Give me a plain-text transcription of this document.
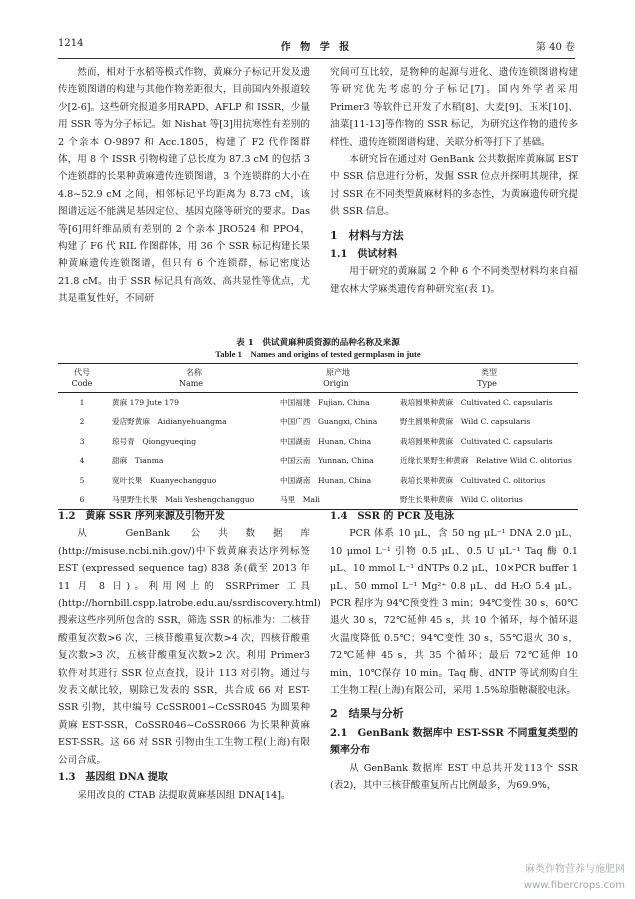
1214	作 物 学 报	第 40 卷

然而，相对于水稻等模式作物，黄麻分子标记开发及遗传连锁图谱的构建与其他作物差距很大，目前国内外报道较少[2-6]。这些研究报道多用RAPD、AFLP 和 ISSR，少量用 SSR 等为分子标记。如 Nishat 等[3]用抗寒性有差别的 2 个亲本 O-9897 和 Acc.1805，构建了 F2 代作图群体，用 8 个 ISSR 引物构建了总长度为 87.3 cM 的包括 3 个连锁群的长果种黄麻遗传连锁图谱，3 个连锁群的大小在 4.8~52.9 cM 之间，相邻标记平均距离为 8.73 cM，该图谱远远不能满足基因定位、基因克隆等研究的要求。Das 等[6]用纤维品质有差别的 2 个亲本 JRO524 和 PPO4，构建了 F6 代 RIL 作图群体，用 36 个 SSR 标记构建长果种黄麻遗传连锁图谱，但只有 6 个连锁群，标记密度达 21.8 cM。由于 SSR 标记具有高效、高共显性等优点，尤其是重复性好，不同研

究间可互比较，是物种的起源与进化、遗传连锁图谱构建等研究优先考虑的分子标记[7]。国内外学者采用 Primer3 等软件已开发了水稻[8]、大麦[9]、玉米[10]、油菜[11-13]等作物的 SSR 标记，为研究这作物的遗传多样性、遗传连锁图谱构建、关联分析等打下了基础。

本研究旨在通过对 GenBank 公共数据库黄麻属 EST 中 SSR 信息进行分析，发掘 SSR 位点并探明其规律，探讨 SSR 在不同类型黄麻材料的多态性，为黄麻遗传研究提供 SSR 信息。

1　材料与方法
1.1　供试材料

用于研究的黄麻属 2 个种 6 个不同类型材料均来自福建农林大学麻类遗传育种研究室(表 1)。

表 1　供试黄麻种质资源的品种名称及来源
Table 1　Names and origins of tested germplasm in jute
代号	名称	原产地	类型
Code	Name	Origin	Type
1	黄麻 179 Jute 179	中国福建　Fujian, China	栽培圆果种黄麻　Cultivated C. capsularis
2	爱店野黄麻　Aidianyehuangma	中国广西　Guangxi, China	野生圆果种黄麻　Wild C. capsularis
3	琼号青　Qiongyueqing	中国湖南　Hunan, China	栽培圆果种黄麻　Cultivated C. capsularis
4	甜麻　Tianma	中国云南　Yunnan, China	近缘长果野生种黄麻　Relative Wild C. olitorius
5	宽叶长果　Kuanyechangguo	中国湖南　Hunan, China	栽培长果种黄麻　Cultivated C. olitorius
6	马里野生长果　Mali Yeshengchangguo	马里　Mali	野生长果种黄麻　Wild C. olitorius
1.2　黄麻 SSR 序列来源及引物开发

从 GenBank 公共数据库(http://misuse.ncbi.nih.gov/)中下载黄麻表达序列标签 EST (expressed sequence tag) 838 条(截至 2013 年 11 月 8 日)。利用网上的 SSRPrimer 工具(http://hornbill.cspp.latrobe.edu.au/ssrdiscovery.html)搜索这些序列所包含的 SSR，筛选 SSR 的标准为：二核苷酸重复次数>6 次，三核苷酸重复次数>4 次，四核苷酸重复次数>3 次，五核苷酸重复次数>2 次。利用 Primer3 软件对其进行 SSR 位点查找，设计 113 对引物。通过与发表文献比较，剔除已发表的 SSR，共合成 66 对 EST-SSR 引物，其中编号 CcSSR001~CcSSR045 为圆果种黄麻 EST-SSR，CoSSR046~CoSSR066 为长果种黄麻 EST-SSR。这 66 对 SSR 引物由生工生物工程(上海)有限公司合成。

1.3　基因组 DNA 提取

采用改良的 CTAB 法提取黄麻基因组 DNA[14]。

1.4　SSR 的 PCR 及电泳

PCR 体系 10 μL，含 50 ng μL⁻¹ DNA 2.0 μL、10 μmol L⁻¹ 引物 0.5 μL、0.5 U μL⁻¹ Taq 酶 0.1 μL、10 mmol L⁻¹ dNTPs 0.2 μL、10×PCR buffer 1 μL、50 mmol L⁻¹ Mg²⁺ 0.8 μL、dd H₂O 5.4 μL。PCR 程序为 94℃预变性 3 min；94℃变性 30 s，60℃退火 30 s，72℃延伸 45 s，共 10 个循环，每个循环退火温度降低 0.5℃；94℃变性 30 s，55℃退火 30 s，72℃延伸 45 s，共 35 个循环；最后 72℃延伸 10 min，10℃保存 10 min。Taq 酶、dNTP 等试剂购自生工生物工程(上海)有限公司，采用 1.5%琼脂糖凝胶电泳。

2　结果与分析
2.1　GenBank 数据库中 EST-SSR 不同重复类型的频率分布

从 GenBank 数据库 EST 中总共开发113个 SSR (表2)，其中三核苷酸重复所占比例最多，为69.9%，

麻类作物营养与施肥网
www.fibercrops.com
